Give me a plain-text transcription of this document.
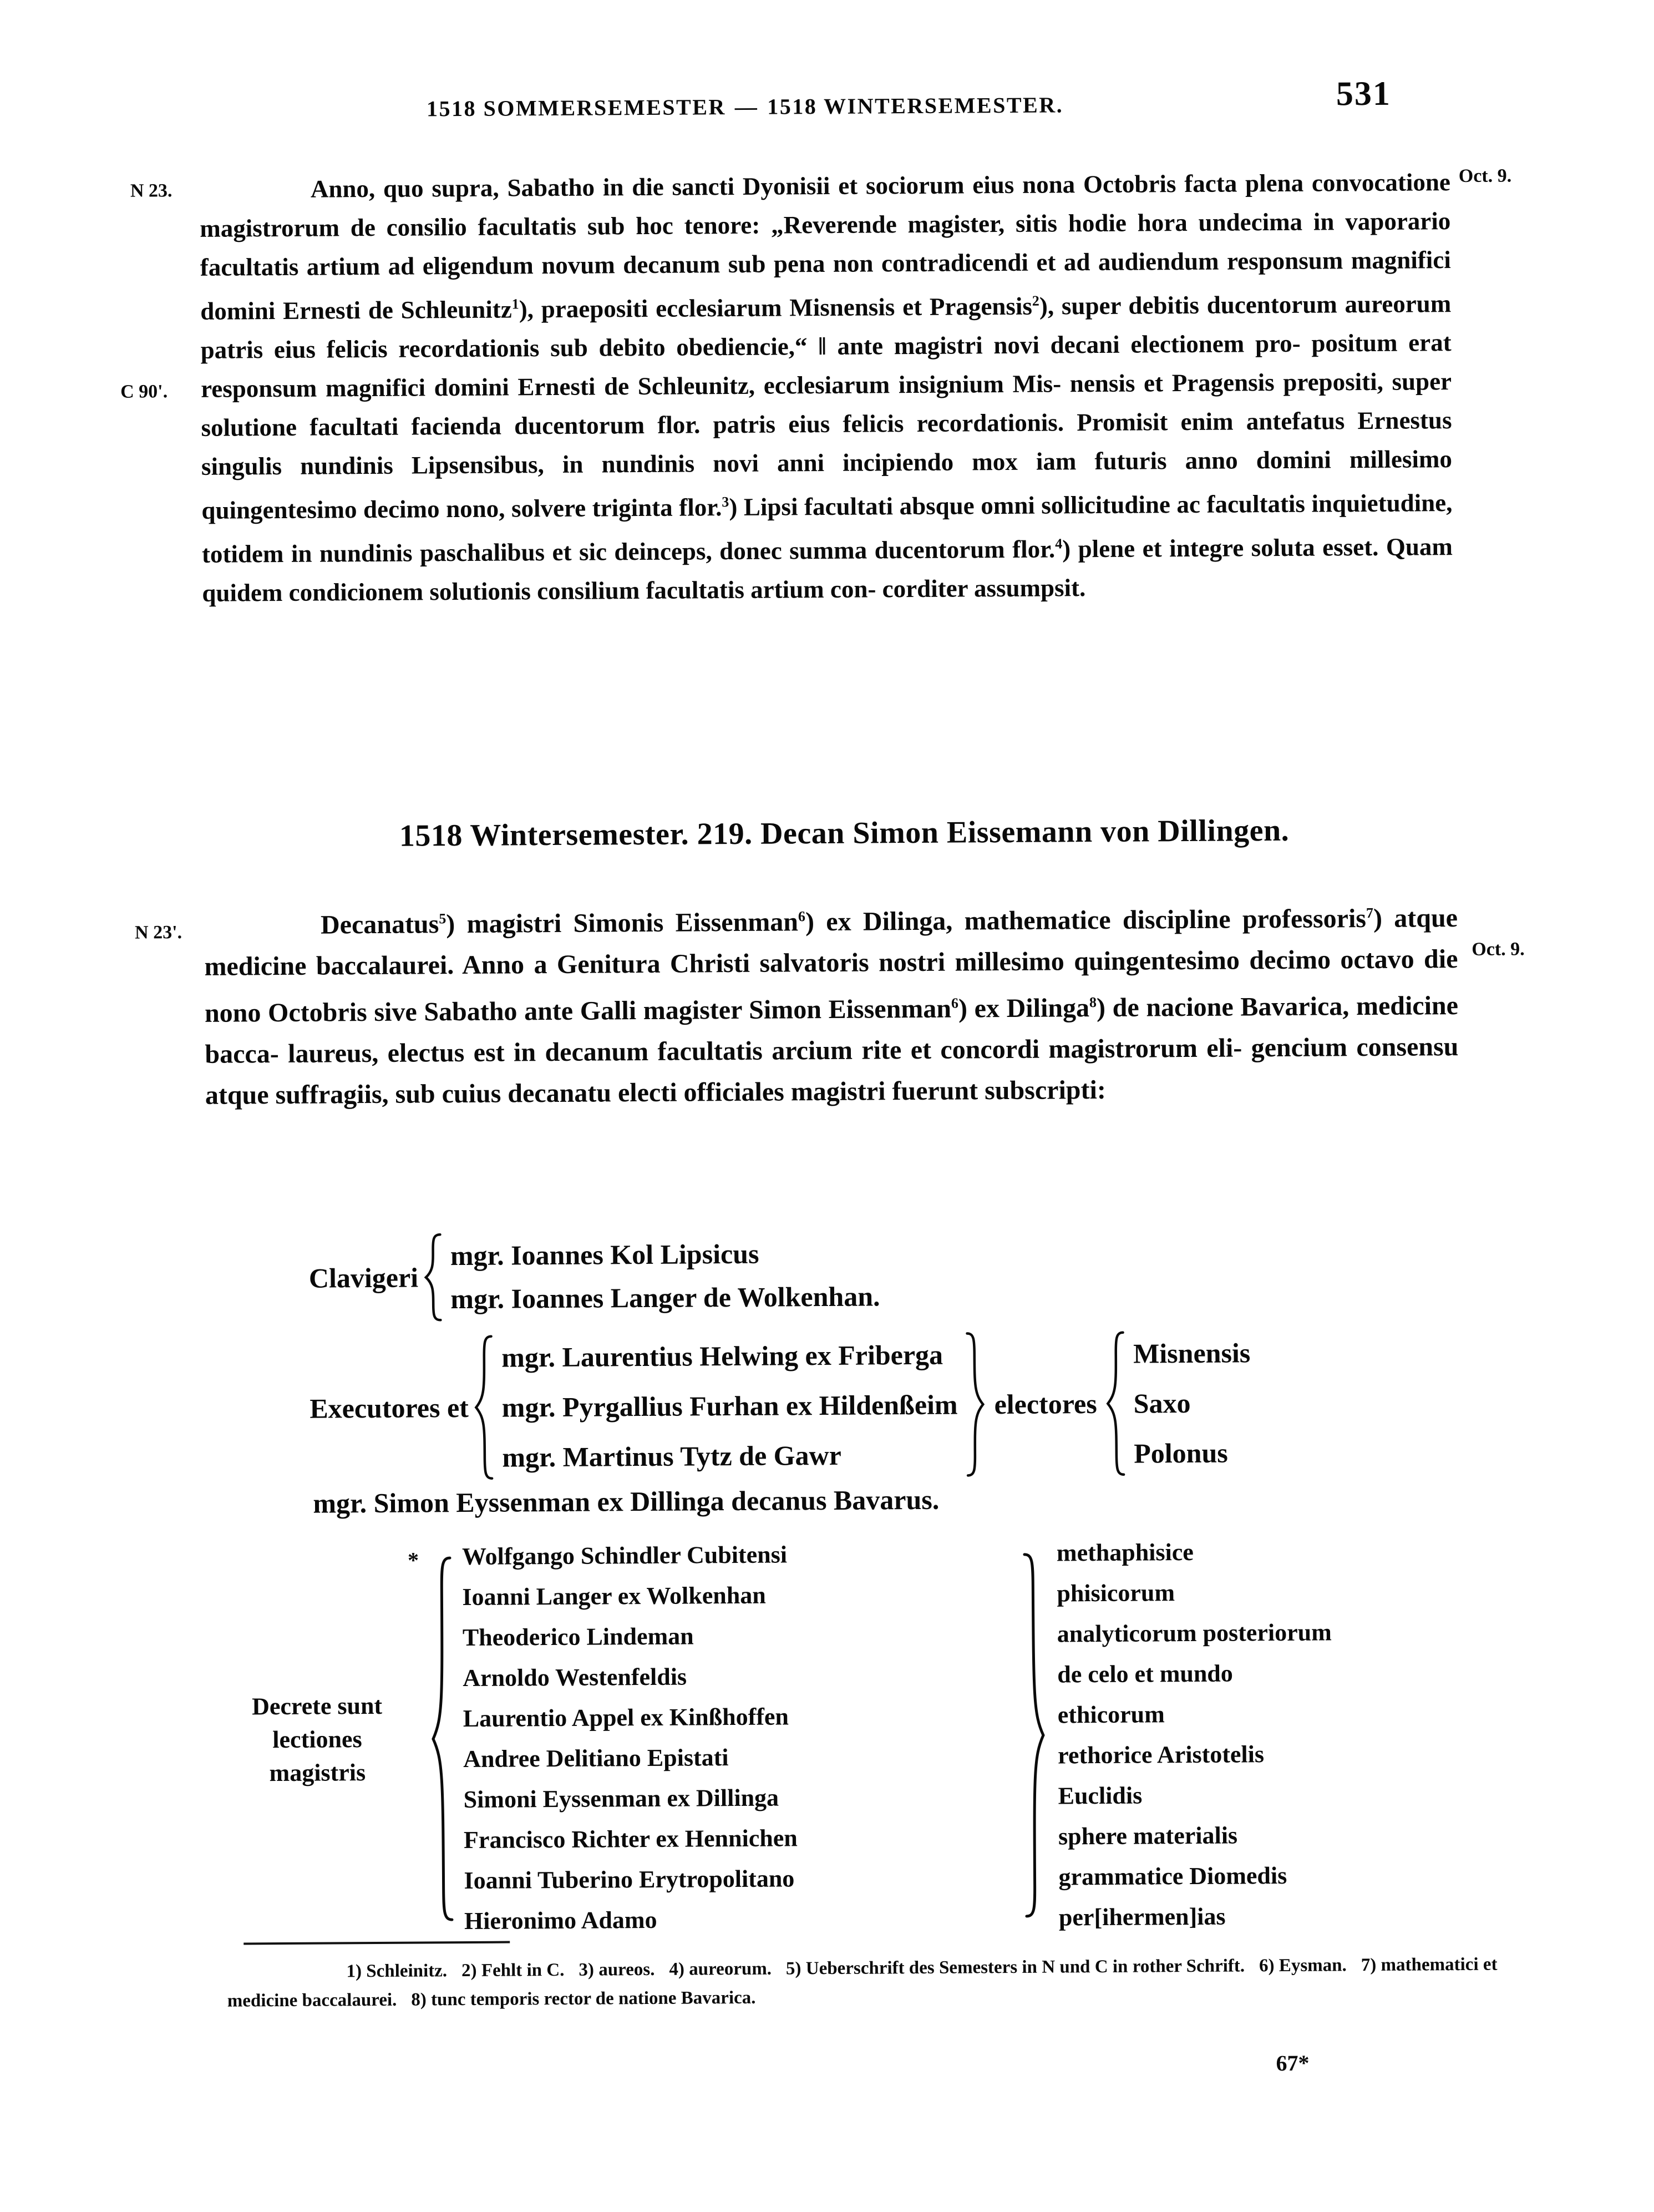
1518 SOMMERSEMESTER — 1518 WINTERSEMESTER.	531
N 23.
C 90'.
N 23'.
Oct. 9.
Oct. 9.
Anno, quo supra, Sabatho in die sancti Dyonisii et sociorum eius nona Octobris facta plena convocatione magistrorum de consilio facultatis sub hoc tenore: „Reverende magister, sitis hodie hora undecima in vaporario facultatis artium ad eligendum novum decanum sub pena non contradicendi et ad audiendum responsum magnifici domini Ernesti de Schleunitz$^1$), praepositi ecclesiarum Misnensis et Pragensis$^2$), super debitis ducentorum aureorum patris eius felicis recordationis sub debito obediencie,“ ‖ ante magistri novi decani electionem pro- positum erat responsum magnifici domini Ernesti de Schleunitz, ecclesiarum insignium Mis- nensis et Pragensis prepositi, super solutione facultati facienda ducentorum flor. patris eius felicis recordationis. Promisit enim antefatus Ernestus singulis nundinis Lipsensibus, in nundinis novi anni incipiendo mox iam futuris anno domini millesimo quingentesimo decimo nono, solvere triginta flor.$^3$) Lipsi facultati absque omni sollicitudine ac facultatis inquietudine, totidem in nundinis paschalibus et sic deinceps, donec summa ducentorum flor.$^4$) plene et integre soluta esset. Quam quidem condicionem solutionis consilium facultatis artium con- corditer assumpsit.
1518 Wintersemester. 219. Decan Simon Eissemann von Dillingen.
Decanatus$^5$) magistri Simonis Eissenman$^6$) ex Dilinga, mathematice discipline professoris$^7$) atque medicine baccalaurei. Anno a Genitura Christi salvatoris nostri millesimo quingentesimo decimo octavo die nono Octobris sive Sabatho ante Galli magister Simon Eissenman$^6$) ex Dilinga$^8$) de nacione Bavarica, medicine bacca- laureus, electus est in decanum facultatis arcium rite et concordi magistrorum eli- gencium consensu atque suffragiis, sub cuius decanatu electi officiales magistri fuerunt subscripti:
Clavigeri
mgr. Ioannes Kol Lipsicus
mgr. Ioannes Langer de Wolkenhan.
Executores et
mgr. Laurentius Helwing ex Friberga
mgr. Pyrgallius Furhan ex Hildenßeim
mgr. Martinus Tytz de Gawr
electores
Misnensis
Saxo
Polonus
mgr. Simon Eyssenman ex Dillinga decanus Bavarus.
Decrete sunt
lectiones
magistris
*	Wolfgango Schindler Cubitensi
Ioanni Langer ex Wolkenhan
Theoderico Lindeman
Arnoldo Westenfeldis
Laurentio Appel ex Kinßhoffen
Andree Delitiano Epistati
Simoni Eyssenman ex Dillinga
Francisco Richter ex Hennichen
Ioanni Tuberino Erytropolitano
Hieronimo Adamo
methaphisice
phisicorum
analyticorum posteriorum
de celo et mundo
ethicorum
rethorice Aristotelis
Euclidis
sphere materialis
grammatice Diomedis
per[ihermen]ias
1) Schleinitz. 2) Fehlt in C. 3) aureos. 4) aureorum. 5) Ueberschrift des Semesters in N und C in rother Schrift. 6) Eysman. 7) mathematici et medicine baccalaurei. 8) tunc temporis rector de natione Bavarica.
67*
